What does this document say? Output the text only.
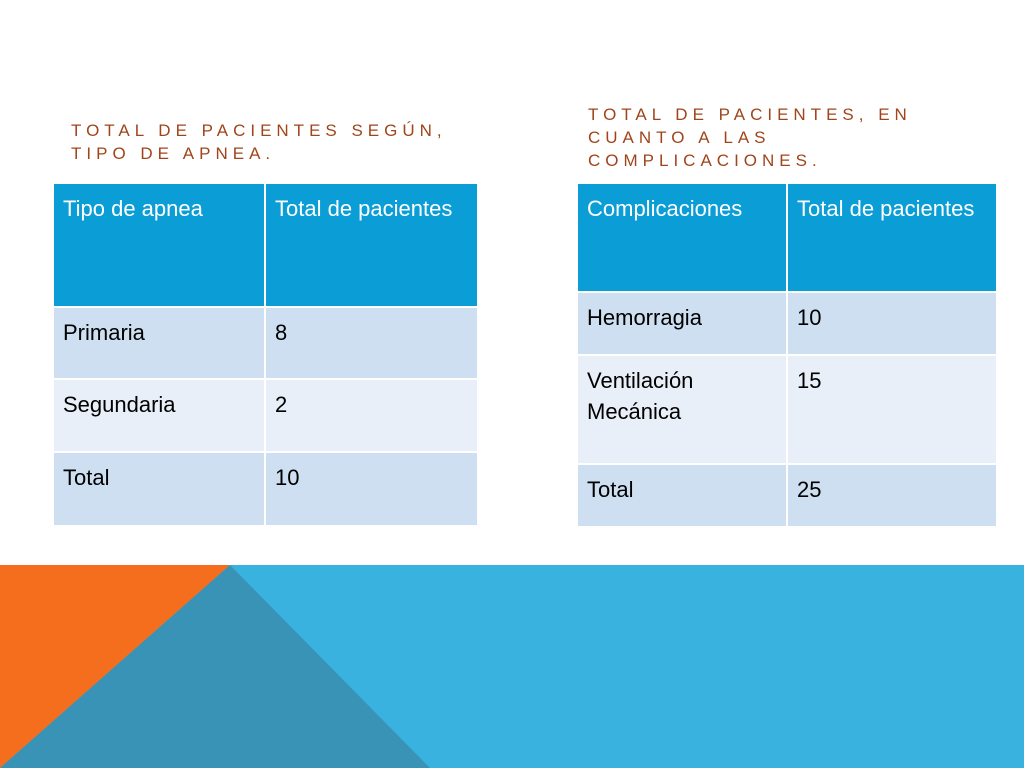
TOTAL DE PACIENTES SEGÚN, TIPO DE APNEA.
TOTAL DE PACIENTES, EN CUANTO A LAS COMPLICACIONES.
Tipo de apnea	Total de pacientes
Primaria	8
Segundaria	2
Total	10
Complicaciones	Total de pacientes
Hemorragia	10
Ventilación Mecánica	15
Total	25
